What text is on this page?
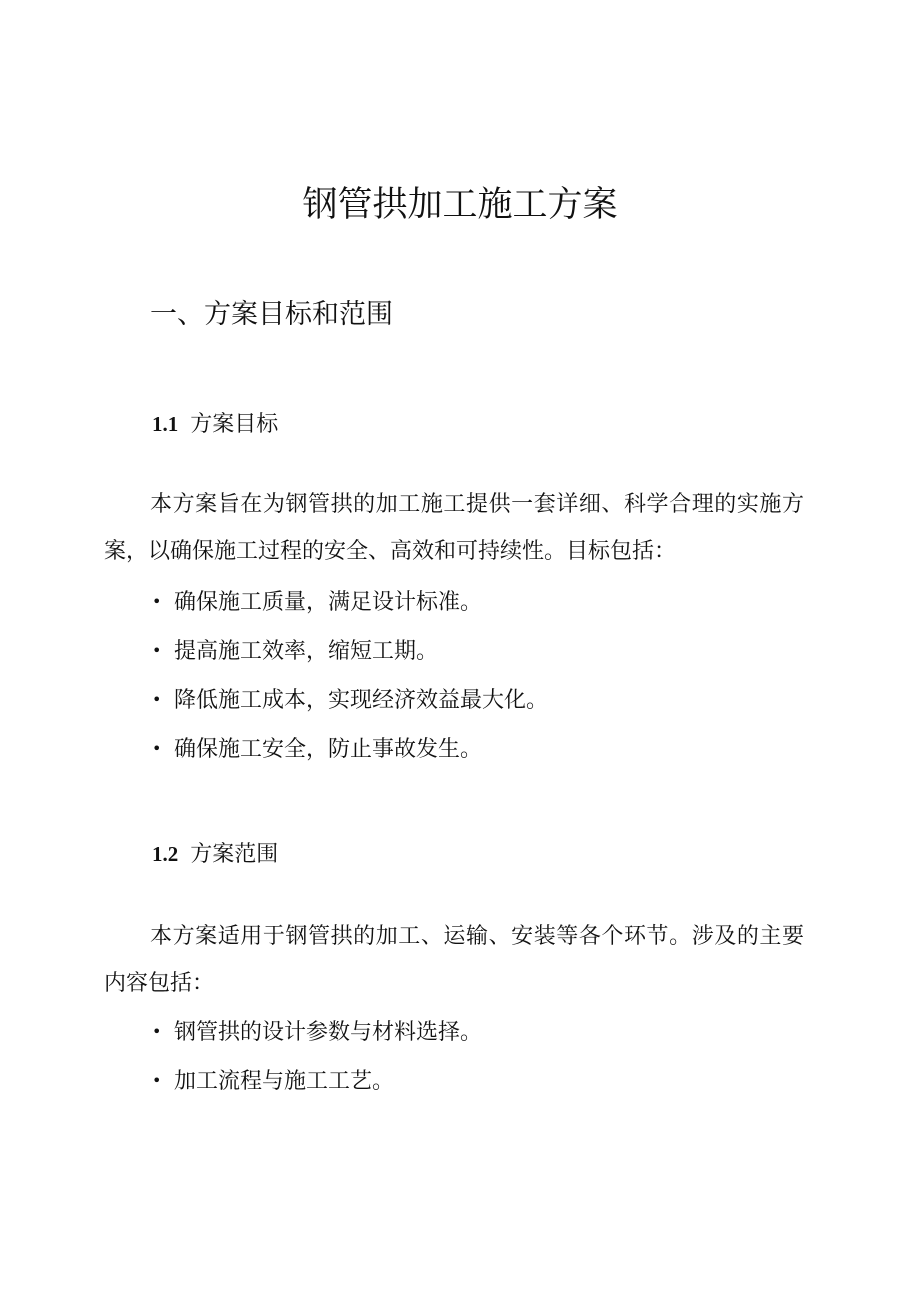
钢管拱加工施工方案
一、方案目标和范围
1.1 方案目标

本方案旨在为钢管拱的加工施工提供一套详细、科学合理的实施方案，以确保施工过程的安全、高效和可持续性。目标包括：

• 确保施工质量，满足设计标准。
• 提高施工效率，缩短工期。
• 降低施工成本，实现经济效益最大化。
• 确保施工安全，防止事故发生。
1.2 方案范围

本方案适用于钢管拱的加工、运输、安装等各个环节。涉及的主要内容包括：

• 钢管拱的设计参数与材料选择。
• 加工流程与施工工艺。
